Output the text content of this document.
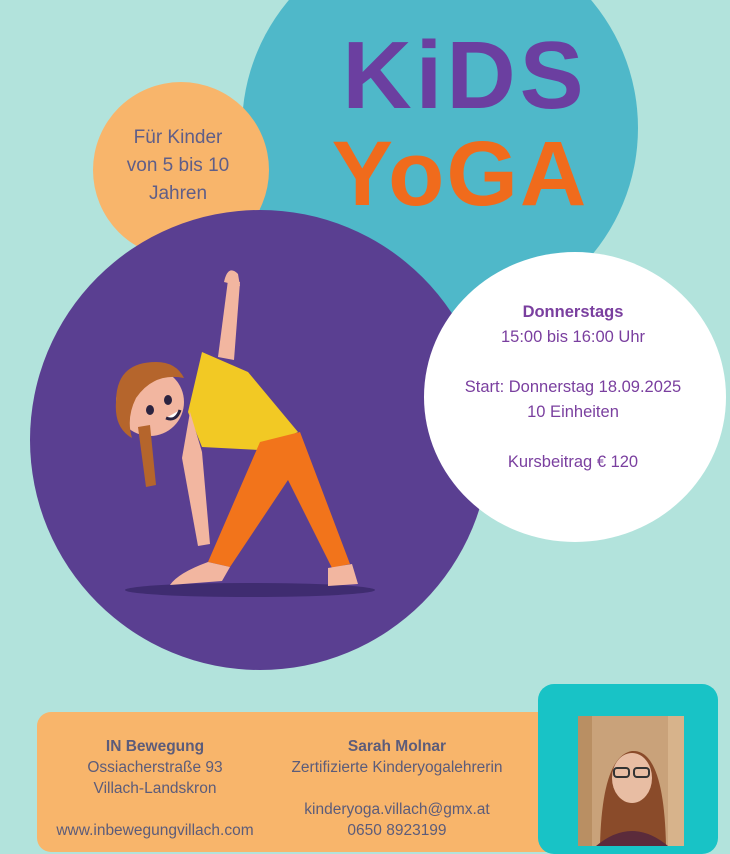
Für Kinder
von 5 bis 10
Jahren
KiDS
YoGA
Donnerstags
15:00 bis 16:00 Uhr
Start: Donnerstag 18.09.2025
10 Einheiten
Kursbeitrag € 120
IN Bewegung
Ossiacherstraße 93
Villach-Landskron
www.inbewegungvillach.com
Sarah Molnar
Zertifizierte Kinderyogalehrerin
kinderyoga.villach@gmx.at
0650 8923199
